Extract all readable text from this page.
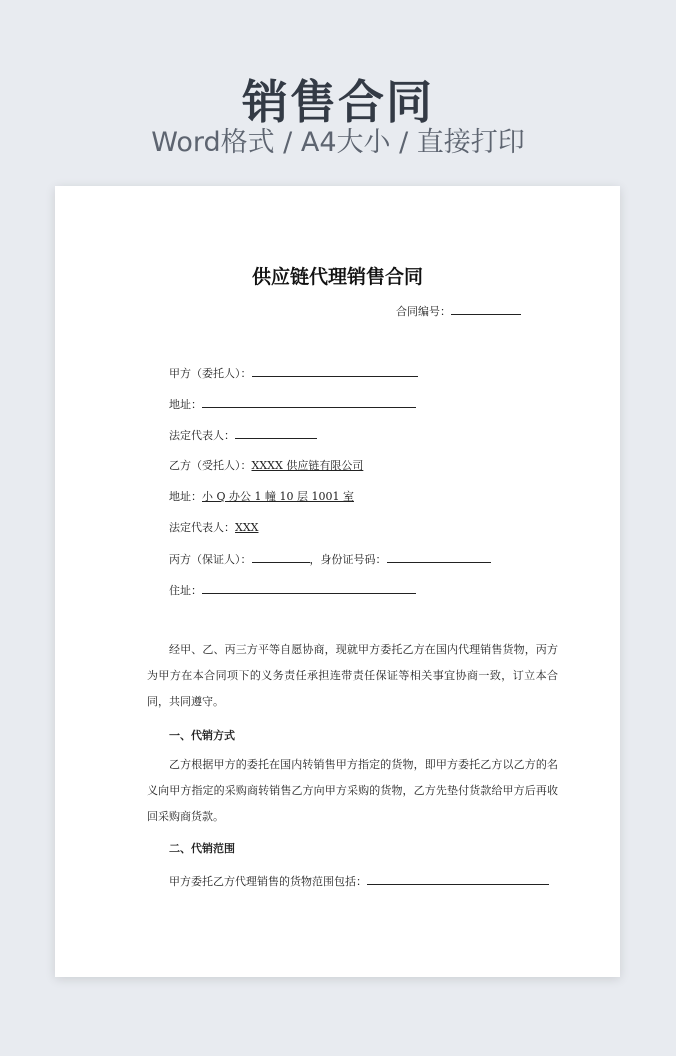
销售合同
Word格式 / A4大小 / 直接打印
供应链代理销售合同
合同编号：
甲方（委托人）：
地址：
法定代表人：
乙方（受托人）：XXXX 供应链有限公司
地址：小 Q 办公 1 幢 10 层 1001 室
法定代表人：XXX
丙方（保证人）：	，身份证号码：
住址：
经甲、乙、丙三方平等自愿协商，现就甲方委托乙方在国内代理销售货物，丙方为甲方在本合同项下的义务责任承担连带责任保证等相关事宜协商一致，订立本合同，共同遵守。
一、代销方式
乙方根据甲方的委托在国内转销售甲方指定的货物，即甲方委托乙方以乙方的名义向甲方指定的采购商转销售乙方向甲方采购的货物，乙方先垫付货款给甲方后再收回采购商货款。
二、代销范围
甲方委托乙方代理销售的货物范围包括：
